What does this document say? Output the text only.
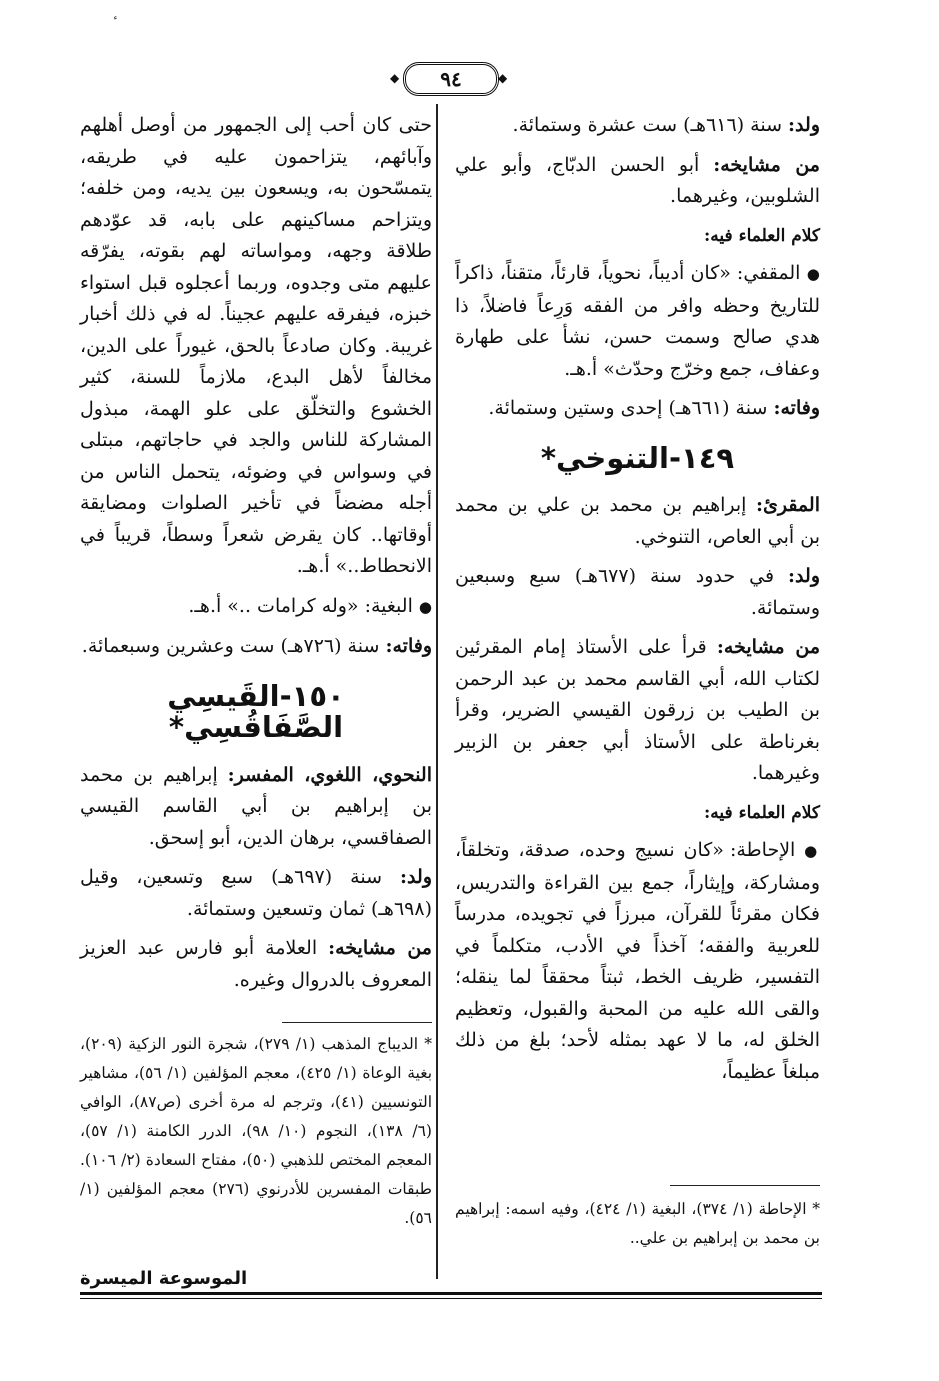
◆	٩٤	◆

ولد: سنة (٦١٦هـ) ست عشرة وستمائة.

من مشايخه: أبو الحسن الدبّاج، وأبو علي الشلوبين، وغيرهما.

كلام العلماء فيه:

● المقفي: «كان أديباً، نحوياً، قارئاً، متقناً، ذاكراً للتاريخ وحظه وافر من الفقه وَرِعاً فاضلاً، ذا هدي صالح وسمت حسن، نشأ على طهارة وعفاف، جمع وخرّج وحدّث» أ.هـ.

وفاته: سنة (٦٦١هـ) إحدى وستين وستمائة.

١٤٩-التنوخي*

المقرئ: إبراهيم بن محمد بن علي بن محمد بن أبي العاص، التنوخي.

ولد: في حدود سنة (٦٧٧هـ) سبع وسبعين وستمائة.

من مشايخه: قرأ على الأستاذ إمام المقرئين لكتاب الله، أبي القاسم محمد بن عبد الرحمن بن الطيب بن زرقون القيسي الضرير، وقرأ بغرناطة على الأستاذ أبي جعفر بن الزبير وغيرهما.

كلام العلماء فيه:

● الإحاطة: «كان نسيج وحده، صدقة، وتخلقاً، ومشاركة، وإيثاراً، جمع بين القراءة والتدريس، فكان مقرئاً للقرآن، مبرزاً في تجويده، مدرساً للعربية والفقه؛ آخذاً في الأدب، متكلماً في التفسير، ظريف الخط، ثبتاً محققاً لما ينقله؛ والقى الله عليه من المحبة والقبول، وتعظيم الخلق له، ما لا عهد بمثله لأحد؛ بلغ من ذلك مبلغاً عظيماً،

* الإحاطة (١/ ٣٧٤)، البغية (١/ ٤٢٤)، وفيه اسمه: إبراهيم بن محمد بن إبراهيم بن علي..

حتى كان أحب إلى الجمهور من أوصل أهلهم وآبائهم، يتزاحمون عليه في طريقه، يتمسّحون به، ويسعون بين يديه، ومن خلفه؛ ويتزاحم مساكينهم على بابه، قد عوّدهم طلاقة وجهه، ومواساته لهم بقوته، يفرّقه عليهم متى وجدوه، وربما أعجلوه قبل استواء خبزه، فيفرقه عليهم عجيناً. له في ذلك أخبار غريبة. وكان صادعاً بالحق، غيوراً على الدين، مخالفاً لأهل البدع، ملازماً للسنة، كثير الخشوع والتخلّق على علو الهمة، مبذول المشاركة للناس والجد في حاجاتهم، مبتلى في وسواس في وضوئه، يتحمل الناس من أجله مضضاً في تأخير الصلوات ومضايقة أوقاتها.. كان يقرض شعراً وسطاً، قريباً في الانحطاط..» أ.هـ.

● البغية: «وله كرامات ..» أ.هـ.

وفاته: سنة (٧٢٦هـ) ست وعشرين وسبعمائة.

١٥٠-القَيسِي الصَّفَاقُسِي*

النحوي، اللغوي، المفسر: إبراهيم بن محمد بن إبراهيم بن أبي القاسم القيسي الصفاقسي، برهان الدين، أبو إسحق.

ولد: سنة (٦٩٧هـ) سبع وتسعين، وقيل (٦٩٨هـ) ثمان وتسعين وستمائة.

من مشايخه: العلامة أبو فارس عبد العزيز المعروف بالدروال وغيره.

* الديباج المذهب (١/ ٢٧٩)، شجرة النور الزكية (٢٠٩)، بغية الوعاة (١/ ٤٢٥)، معجم المؤلفين (١/ ٥٦)، مشاهير التونسيين (٤١)، وترجم له مرة أخرى (ص٨٧)، الوافي (٦/ ١٣٨)، النجوم (١٠/ ٩٨)، الدرر الكامنة (١/ ٥٧)، المعجم المختص للذهبي (٥٠)، مفتاح السعادة (٢/ ١٠٦). طبقات المفسرين للأدرنوي (٢٧٦) معجم المؤلفين (١/ ٥٦).
الموسوعة الميسرة
